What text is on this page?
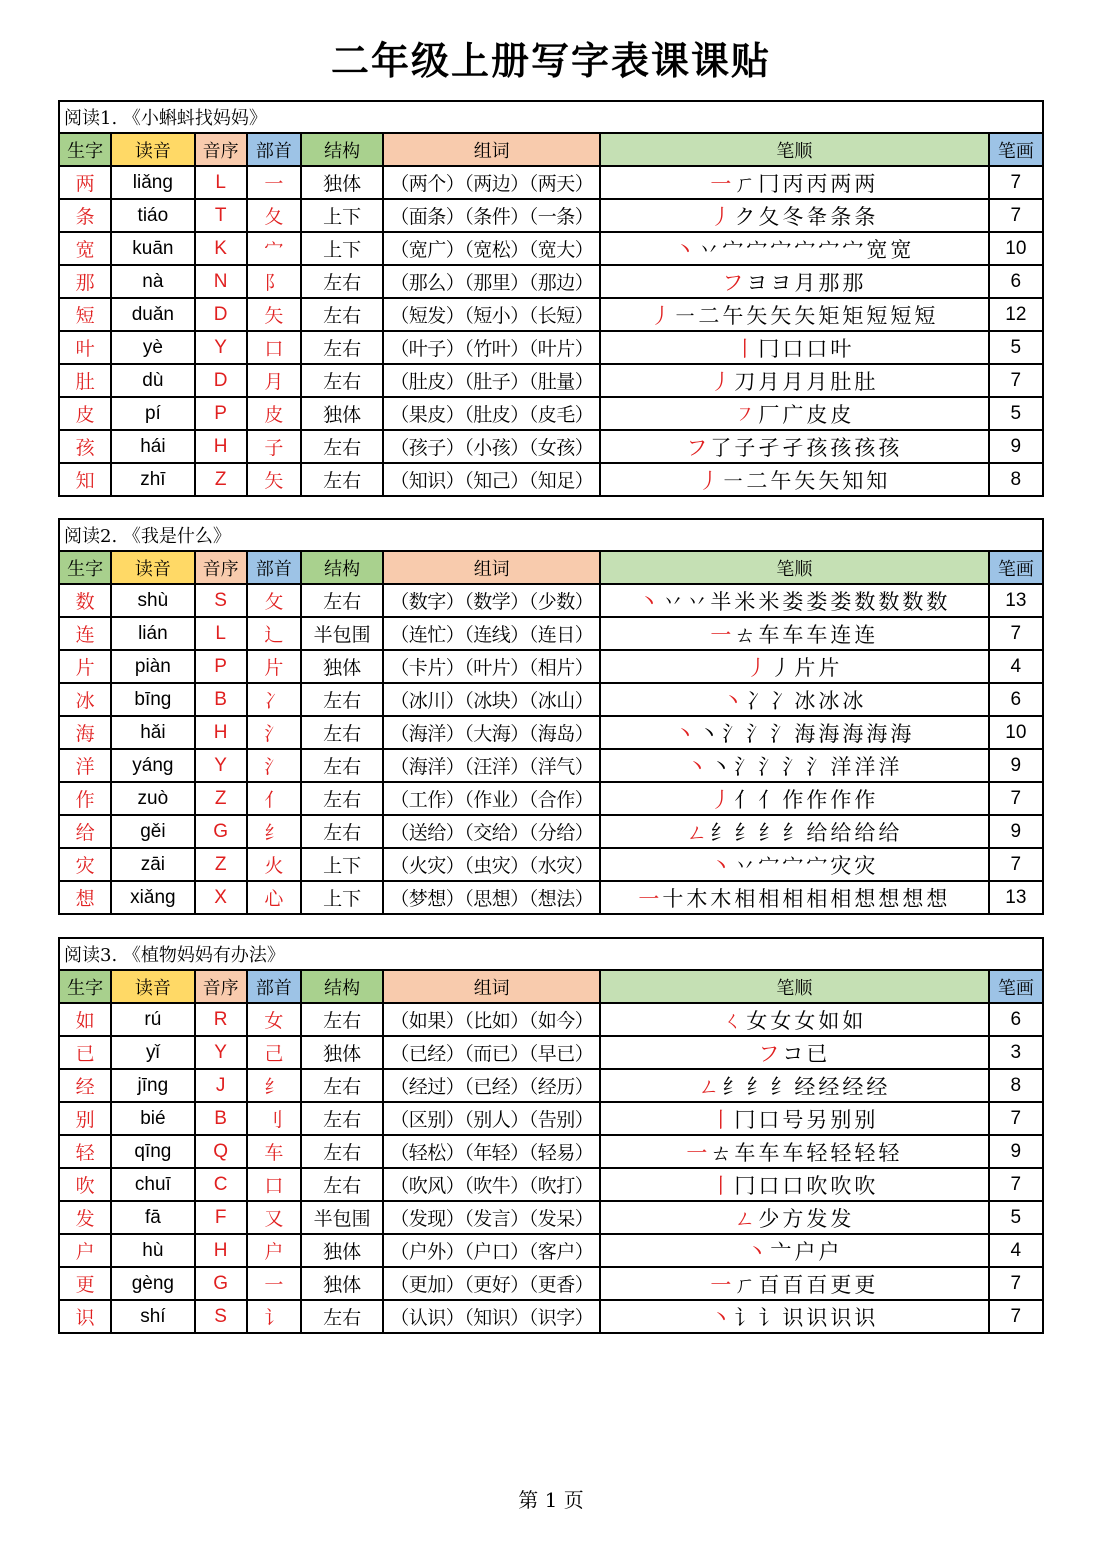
二年级上册写字表课课贴
阅读1. 《小蝌蚪找妈妈》							
生字	读音	音序	部首	结构	组词	笔顺	笔画
两	liǎng	L	一	独体	（两个）（两边）（两天）	一 ㄏ 冂 丙 丙 两 两	7
条	tiáo	T	夂	上下	（面条）（条件）（一条）	丿 ク 夂 冬 夅 条 条	7
宽	kuān	K	宀	上下	（宽广）（宽松）（宽大）	丶 丷 宀 宀 宀 宀 宀 宀 宽 宽	10
那	nà	N	阝	左右	（那么）（那里）（那边）	フ ヨ ヨ 月 那 那	6
短	duǎn	D	矢	左右	（短发）（短小）（长短）	丿 ㇐ 二 午 矢 矢 矢 矩 矩 短 短 短	12
叶	yè	Y	口	左右	（叶子）（竹叶）（叶片）	丨 冂 口 口 叶	5
肚	dù	D	月	左右	（肚皮）（肚子）（肚量）	丿 刀 月 月 月 肚 肚	7
皮	pí	P	皮	独体	（果皮）（肚皮）（皮毛）	㇇ 厂 广 皮 皮	5
孩	hái	H	子	左右	（孩子）（小孩）（女孩）	フ 了 子 孑 孑 孩 孩 孩 孩	9
知	zhī	Z	矢	左右	（知识）（知己）（知足）	丿 ㇐ 二 午 矢 矢 知 知	8
阅读2. 《我是什么》							
生字	读音	音序	部首	结构	组词	笔顺	笔画
数	shù	S	攵	左右	（数字）（数学）（少数）	丶 丷 丷 半 米 米 娄 娄 娄 数 数 数 数	13
连	lián	L	辶	半包围	（连忙）（连线）（连日）	一 ㄊ 车 车 车 连 连	7
片	piàn	P	片	独体	（卡片）（叶片）（相片）	丿 丿 片 片	4
冰	bīng	B	冫	左右	（冰川）（冰块）（冰山）	丶 冫 冫 冰 冰 冰	6
海	hǎi	H	氵	左右	（海洋）（大海）（海岛）	丶 丶 氵 氵 氵 海 海 海 海 海	10
洋	yáng	Y	氵	左右	（海洋）（汪洋）（洋气）	丶 丶 氵 氵 氵 氵 洋 洋 洋	9
作	zuò	Z	亻	左右	（工作）（作业）（合作）	丿 亻 亻 作 作 作 作	7
给	gěi	G	纟	左右	（送给）（交给）（分给）	ㄥ 纟 纟 纟 纟 给 给 给 给	9
灾	zāi	Z	火	上下	（火灾）（虫灾）（水灾）	丶 丷 宀 宀 宀 灾 灾	7
想	xiǎng	X	心	上下	（梦想）（思想）（想法）	一 十 木 木 相 相 相 相 相 想 想 想 想	13
阅读3. 《植物妈妈有办法》							
生字	读音	音序	部首	结构	组词	笔顺	笔画
如	rú	R	女	左右	（如果）（比如）（如今）	ㄑ 女 女 女 如 如	6
已	yǐ	Y	己	独体	（已经）（而已）（早已）	フ コ 已	3
经	jīng	J	纟	左右	（经过）（已经）（经历）	ㄥ 纟 纟 纟 经 经 经 经	8
别	bié	B	刂	左右	（区别）（别人）（告别）	丨 冂 口 号 另 别 别	7
轻	qīng	Q	车	左右	（轻松）（年轻）（轻易）	一 ㄊ 车 车 车 轻 轻 轻 轻	9
吹	chuī	C	口	左右	（吹风）（吹牛）（吹打）	丨 冂 口 口 吹 吹 吹	7
发	fā	F	又	半包围	（发现）（发言）（发呆）	ㄥ 少 方 发 发	5
户	hù	H	户	独体	（户外）（户口）（客户）	丶 亠 户 户	4
更	gèng	G	一	独体	（更加）（更好）（更香）	一 ㄏ 百 百 百 更 更	7
识	shí	S	讠	左右	（认识）（知识）（识字）	丶 讠 讠 识 识 识 识	7
第 1 页
